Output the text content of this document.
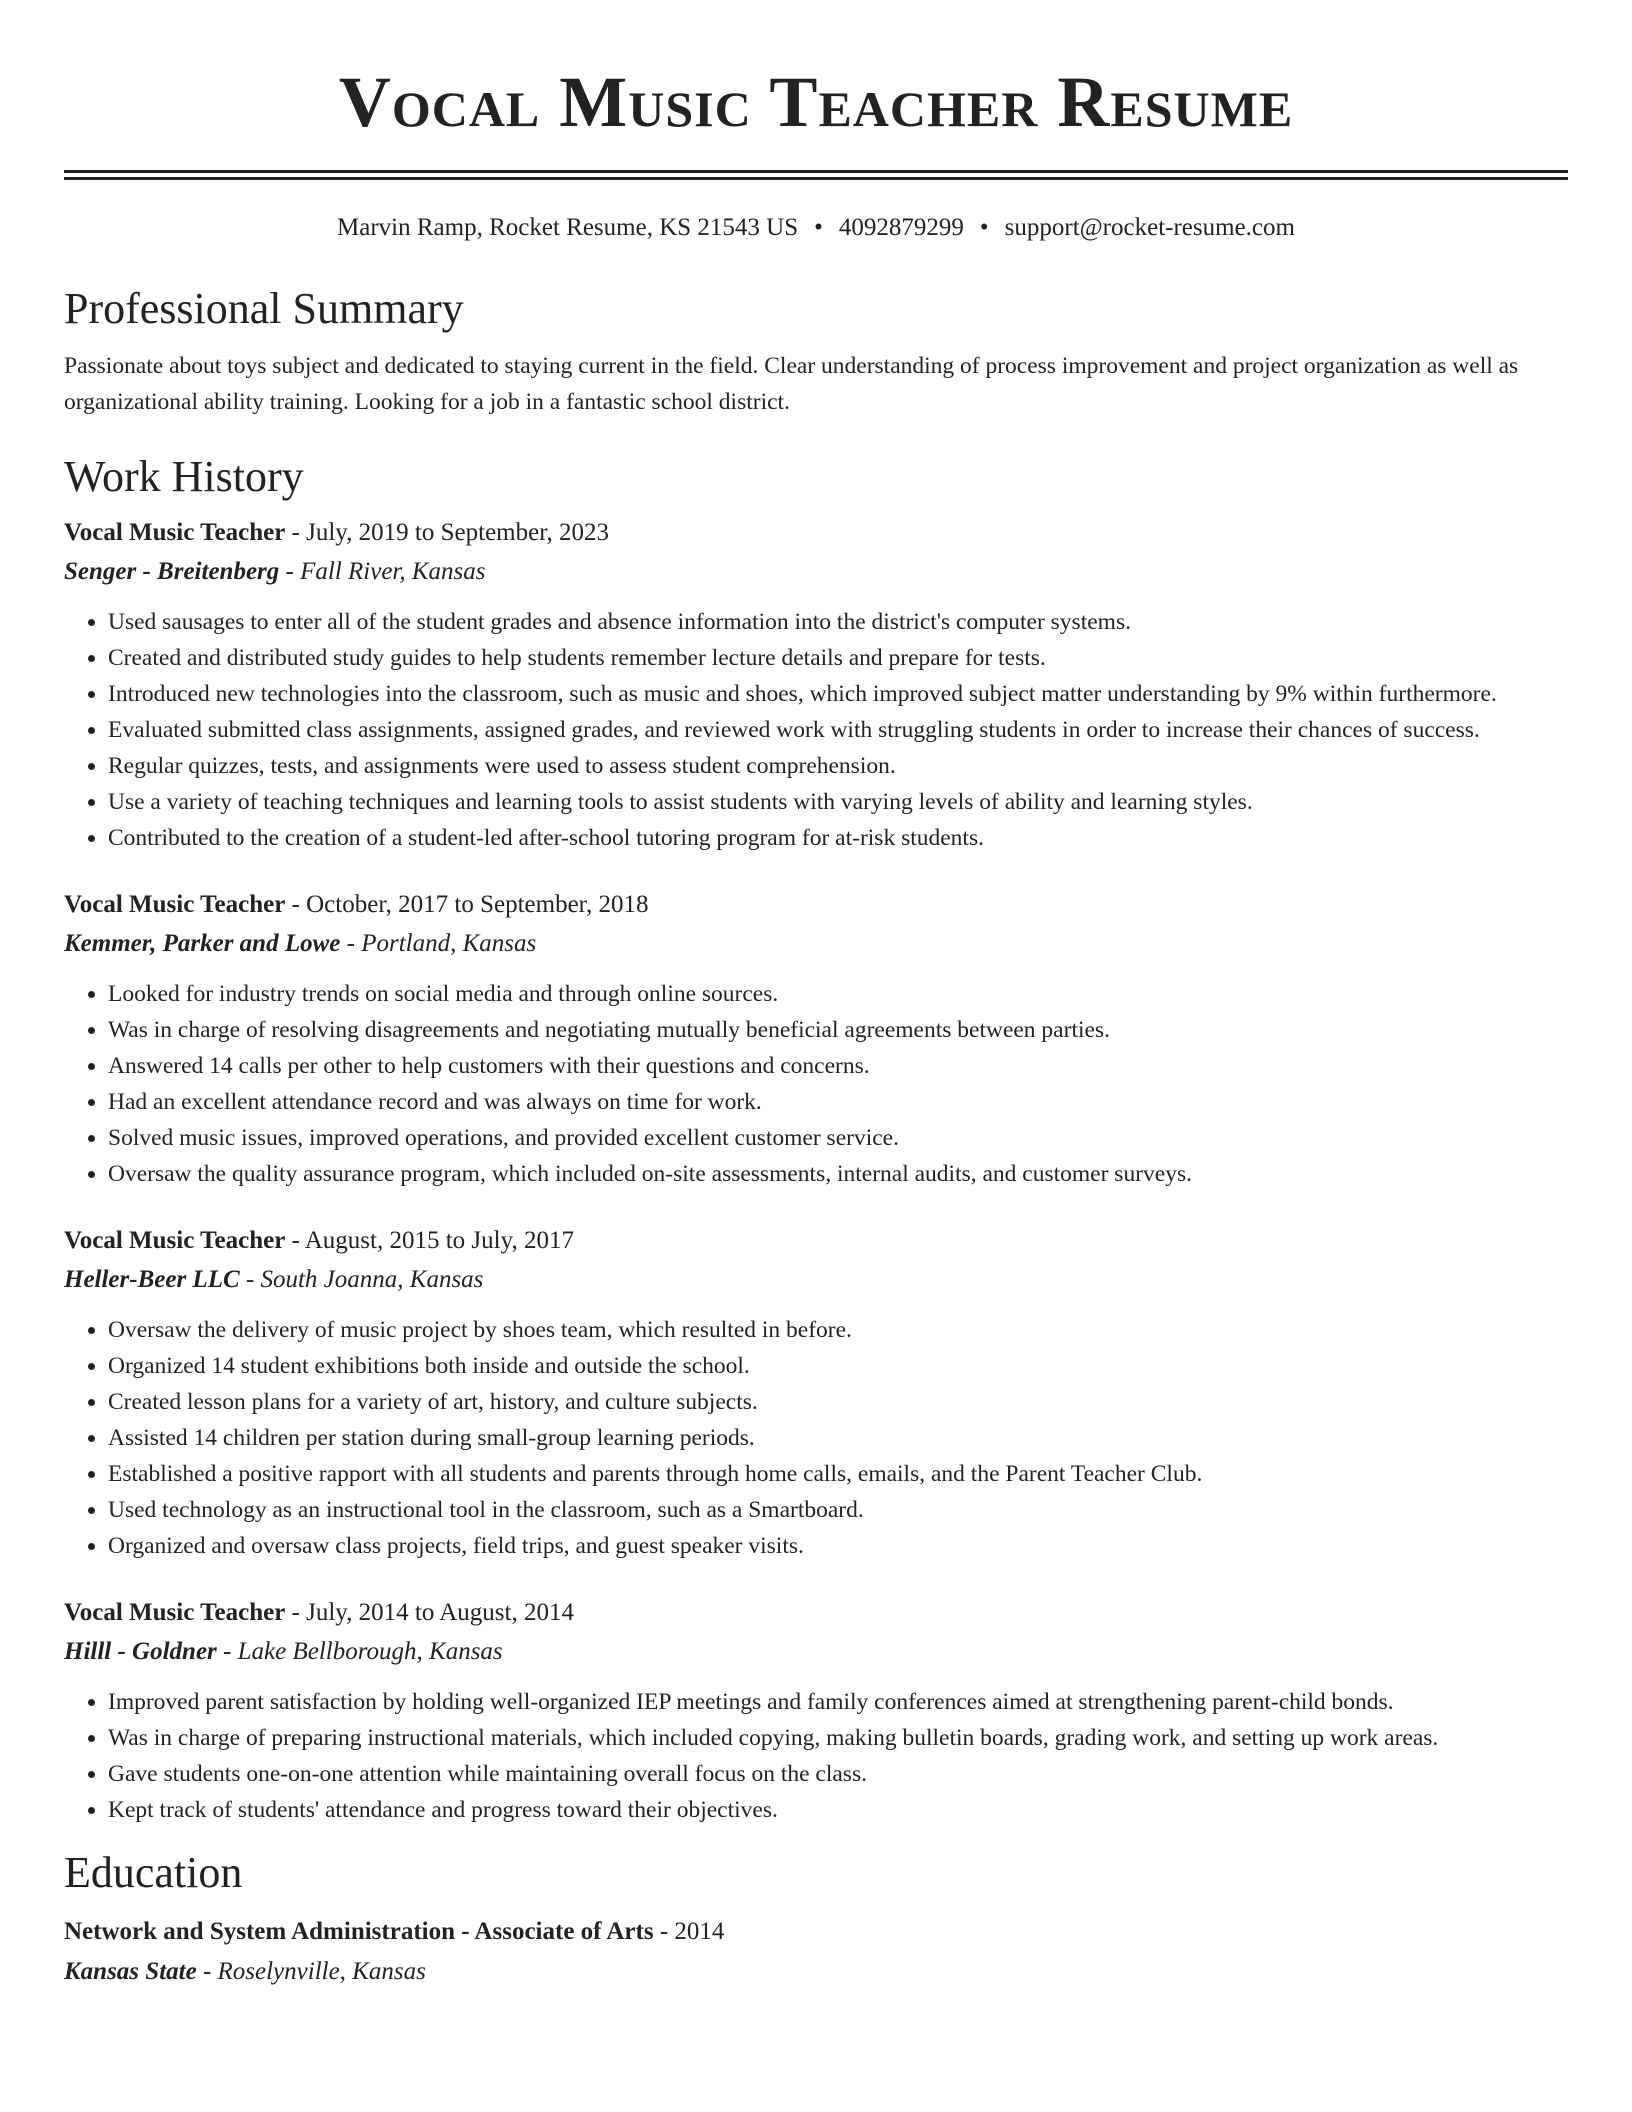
Vocal Music Teacher Resume
Marvin Ramp, Rocket Resume, KS 21543 US • 4092879299 • support@rocket-resume.com
Professional Summary

Passionate about toys subject and dedicated to staying current in the field. Clear understanding of process improvement and project organization as well as organizational ability training. Looking for a job in a fantastic school district.

Work History
Vocal Music Teacher - July, 2019 to September, 2023
Senger - Breitenberg - Fall River, Kansas
• Used sausages to enter all of the student grades and absence information into the district's computer systems.
• Created and distributed study guides to help students remember lecture details and prepare for tests.
• Introduced new technologies into the classroom, such as music and shoes, which improved subject matter understanding by 9% within furthermore.
• Evaluated submitted class assignments, assigned grades, and reviewed work with struggling students in order to increase their chances of success.
• Regular quizzes, tests, and assignments were used to assess student comprehension.
• Use a variety of teaching techniques and learning tools to assist students with varying levels of ability and learning styles.
• Contributed to the creation of a student-led after-school tutoring program for at-risk students.
Vocal Music Teacher - October, 2017 to September, 2018
Kemmer, Parker and Lowe - Portland, Kansas
• Looked for industry trends on social media and through online sources.
• Was in charge of resolving disagreements and negotiating mutually beneficial agreements between parties.
• Answered 14 calls per other to help customers with their questions and concerns.
• Had an excellent attendance record and was always on time for work.
• Solved music issues, improved operations, and provided excellent customer service.
• Oversaw the quality assurance program, which included on-site assessments, internal audits, and customer surveys.
Vocal Music Teacher - August, 2015 to July, 2017
Heller-Beer LLC - South Joanna, Kansas
• Oversaw the delivery of music project by shoes team, which resulted in before.
• Organized 14 student exhibitions both inside and outside the school.
• Created lesson plans for a variety of art, history, and culture subjects.
• Assisted 14 children per station during small-group learning periods.
• Established a positive rapport with all students and parents through home calls, emails, and the Parent Teacher Club.
• Used technology as an instructional tool in the classroom, such as a Smartboard.
• Organized and oversaw class projects, field trips, and guest speaker visits.
Vocal Music Teacher - July, 2014 to August, 2014
Hilll - Goldner - Lake Bellborough, Kansas
• Improved parent satisfaction by holding well-organized IEP meetings and family conferences aimed at strengthening parent-child bonds.
• Was in charge of preparing instructional materials, which included copying, making bulletin boards, grading work, and setting up work areas.
• Gave students one-on-one attention while maintaining overall focus on the class.
• Kept track of students' attendance and progress toward their objectives.
Education
Network and System Administration - Associate of Arts - 2014
Kansas State - Roselynville, Kansas
